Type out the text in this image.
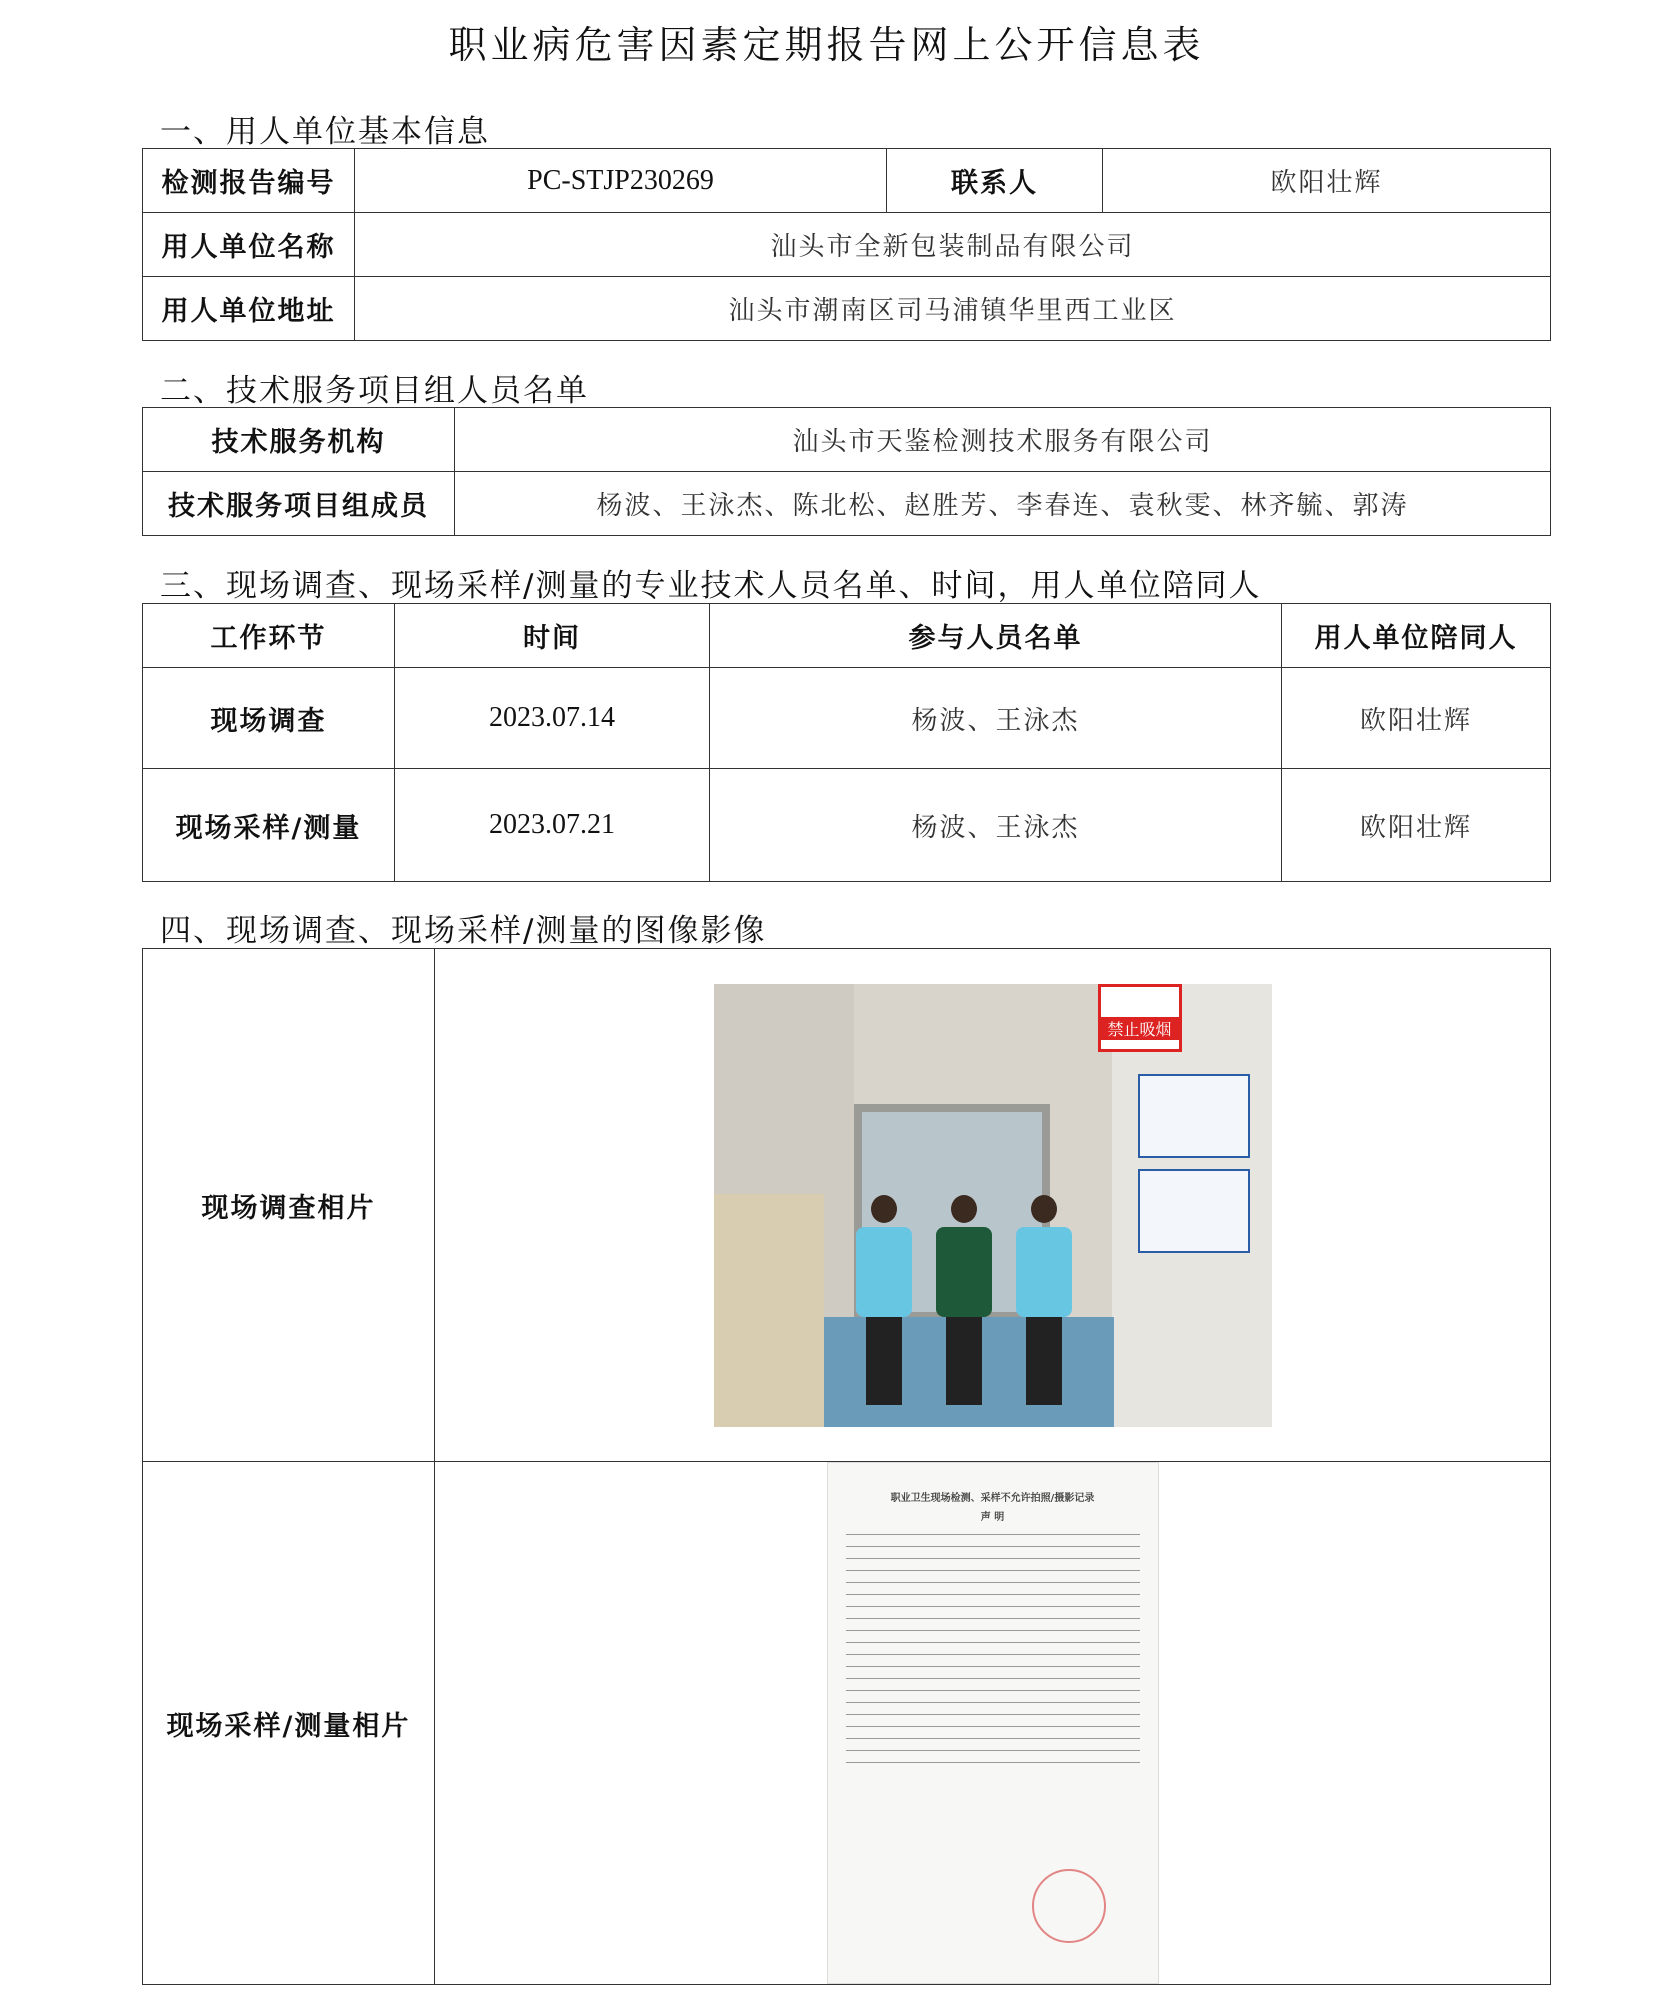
职业病危害因素定期报告网上公开信息表
一、用人单位基本信息
检测报告编号	PC-STJP230269	联系人	欧阳壮辉
用人单位名称	汕头市全新包装制品有限公司		
用人单位地址	汕头市潮南区司马浦镇华里西工业区		
二、技术服务项目组人员名单
技术服务机构	汕头市天鉴检测技术服务有限公司
技术服务项目组成员	杨波、王泳杰、陈北松、赵胜芳、李春连、袁秋雯、林齐毓、郭涛
三、现场调查、现场采样/测量的专业技术人员名单、时间，用人单位陪同人
工作环节	时间	参与人员名单	用人单位陪同人
现场调查	2023.07.14	杨波、王泳杰	欧阳壮辉
现场采样/测量	2023.07.21	杨波、王泳杰	欧阳壮辉
四、现场调查、现场采样/测量的图像影像
现场调查相片	禁止吸烟

现场采样/测量相片	职业卫生现场检测、采样不允许拍照/摄影记录
声 明
